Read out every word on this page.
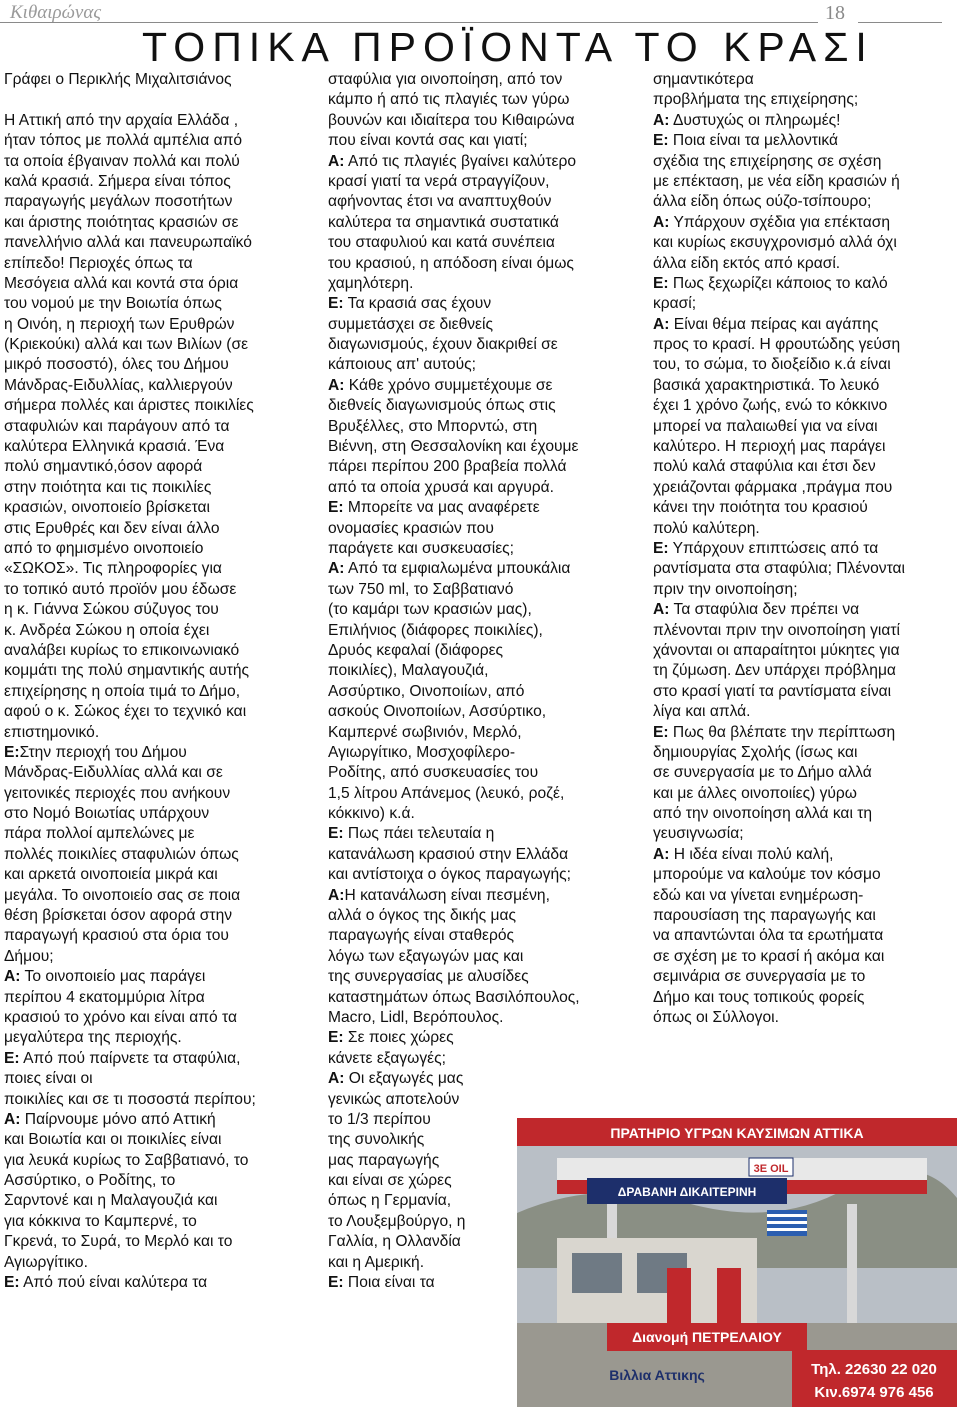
Κιθαιρώνας	18
ΤΟΠΙΚΑ ΠΡΟΪΟΝΤΑ ΤΟ ΚΡΑΣΙ
Γράφει ο Περικλής Μιχαλιτσιάνος
Η Αττική από την αρχαία Ελλάδα ,
ήταν τόπος με πολλά αμπέλια από
τα οποία έβγαιναν πολλά και πολύ
καλά κρασιά. Σήμερα είναι τόπος
παραγωγής μεγάλων ποσοτήτων
και άριστης ποιότητας κρασιών σε
πανελλήνιο αλλά και πανευρωπαϊκό
επίπεδο! Περιοχές όπως τα
Μεσόγεια αλλά και κοντά στα όρια
του νομού με την Βοιωτία όπως
η Οινόη, η περιοχή των Ερυθρών
(Κριεκούκι) αλλά και των Βιλίων (σε
μικρό ποσοστό), όλες του Δήμου
Μάνδρας-Ειδυλλίας, καλλιεργούν
σήμερα πολλές και άριστες ποικιλίες
σταφυλιών και παράγουν από τα
καλύτερα Ελληνικά κρασιά. Ένα
πολύ σημαντικό,όσον αφορά
στην ποιότητα και τις ποικιλίες
κρασιών, οινοποιείο βρίσκεται
στις Ερυθρές και δεν είναι άλλο
από το φημισμένο οινοποιείο
«ΣΩΚΟΣ». Τις πληροφορίες για
το τοπικό αυτό προϊόν μου έδωσε
η κ. Γιάννα Σώκου σύζυγος του
κ. Ανδρέα Σώκου η οποία έχει
αναλάβει κυρίως το επικοινωνιακό
κομμάτι της πολύ σημαντικής αυτής
επιχείρησης η οποία τιμά το Δήμο,
αφού ο κ. Σώκος έχει το τεχνικό και
επιστημονικό.
Ε:Στην περιοχή του Δήμου
Μάνδρας-Ειδυλλίας αλλά και σε
γειτονικές περιοχές που ανήκουν
στο Νομό Βοιωτίας υπάρχουν
πάρα πολλοί αμπελώνες με
πολλές ποικιλίες σταφυλιών όπως
και αρκετά οινοποιεία μικρά και
μεγάλα. Το οινοποιείο σας σε ποια
θέση βρίσκεται όσον αφορά στην
παραγωγή κρασιού στα όρια του
Δήμου;
Α: Το οινοποιείο μας παράγει
περίπου 4 εκατομμύρια λίτρα
κρασιού το χρόνο και είναι από τα
μεγαλύτερα της περιοχής.
Ε: Από πού παίρνετε τα σταφύλια,
ποιες είναι οι
ποικιλίες και σε τι ποσοστά περίπου;
Α: Παίρνουμε μόνο από Αττική
και Βοιωτία και οι ποικιλίες είναι
για λευκά κυρίως το Σαββατιανό, το
Ασσύρτικο, ο Ροδίτης, το
Σαρντονέ και η Μαλαγουζιά και
για κόκκινα το Καμπερνέ, το
Γκρενά, το Συρά, το Μερλό και το
Αγιωργίτικο.
Ε: Από πού είναι καλύτερα τα
σταφύλια για οινοποίηση, από τον
κάμπο ή από τις πλαγιές των γύρω
βουνών και ιδιαίτερα του Κιθαιρώνα
που είναι κοντά σας και γιατί;
Α: Από τις πλαγιές βγαίνει καλύτερο
κρασί γιατί τα νερά στραγγίζουν,
αφήνοντας έτσι να αναπτυχθούν
καλύτερα τα σημαντικά συστατικά
του σταφυλιού και κατά συνέπεια
του κρασιού, η απόδοση είναι όμως
χαμηλότερη.
Ε: Τα κρασιά σας έχουν
συμμετάσχει σε διεθνείς
διαγωνισμούς, έχουν διακριθεί σε
κάποιους απ' αυτούς;
Α: Κάθε χρόνο συμμετέχουμε σε
διεθνείς διαγωνισμούς όπως στις
Βρυξέλλες, στο Μπορντώ, στη
Βιέννη, στη Θεσσαλονίκη και έχουμε
πάρει περίπου 200 βραβεία πολλά
από τα οποία χρυσά και αργυρά.
Ε: Μπορείτε να μας αναφέρετε
ονομασίες κρασιών που
παράγετε και συσκευασίες;
Α: Από τα εμφιαλωμένα μπουκάλια
των 750 ml, το Σαββατιανό
(το καμάρι των κρασιών μας),
Επιλήνιος (διάφορες ποικιλίες),
Δρυός κεφαλαί (διάφορες
ποικιλίες), Μαλαγουζιά,
Ασσύρτικο, Οινοποιίων, από
ασκούς Οινοποιίων, Ασσύρτικο,
Καμπερνέ σωβινιόν, Μερλό,
Αγιωργίτικο, Μοσχοφίλερο-
Ροδίτης, από συσκευασίες του
1,5 λίτρου Απάνεμος (λευκό, ροζέ,
κόκκινο) κ.ά.
Ε: Πως πάει τελευταία η
κατανάλωση κρασιού στην Ελλάδα
και αντίστοιχα ο όγκος παραγωγής;
Α:Η κατανάλωση είναι πεσμένη,
αλλά ο όγκος της δικής μας
παραγωγής είναι σταθερός
λόγω των εξαγωγών μας και
της συνεργασίας με αλυσίδες
καταστημάτων όπως Βασιλόπουλος,
Macro, Lidl, Βερόπουλος.
Ε: Σε ποιες χώρες
κάνετε εξαγωγές;
Α: Οι εξαγωγές μας
γενικώς αποτελούν
το 1/3 περίπου
της συνολικής
μας παραγωγής
και είναι σε χώρες
όπως η Γερμανία,
το Λουξεμβούργο, η
Γαλλία, η Ολλανδία
και η Αμερική.
Ε: Ποια είναι τα
σημαντικότερα
προβλήματα της επιχείρησης;
Α: Δυστυχώς οι πληρωμές!
Ε: Ποια είναι τα μελλοντικά
σχέδια της επιχείρησης σε σχέση
με επέκταση, με νέα είδη κρασιών ή
άλλα είδη όπως ούζο-τσίπουρο;
Α: Υπάρχουν σχέδια για επέκταση
και κυρίως εκσυγχρονισμό αλλά όχι
άλλα είδη εκτός από κρασί.
Ε: Πως ξεχωρίζει κάποιος το καλό
κρασί;
Α: Είναι θέμα πείρας και αγάπης
προς το κρασί. Η φρουτώδης γεύση
του, το σώμα, το διοξείδιο κ.ά είναι
βασικά χαρακτηριστικά. Το λευκό
έχει 1 χρόνο ζωής, ενώ το κόκκινο
μπορεί να παλαιωθεί για να είναι
καλύτερο. Η περιοχή μας παράγει
πολύ καλά σταφύλια και έτσι δεν
χρειάζονται φάρμακα ,πράγμα που
κάνει την ποιότητα του κρασιού
πολύ καλύτερη.
Ε: Υπάρχουν επιπτώσεις από τα
ραντίσματα στα σταφύλια; Πλένονται
πριν την οινοποίηση;
Α: Τα σταφύλια δεν πρέπει να
πλένονται πριν την οινοποίηση γιατί
χάνονται οι απαραίτητοι μύκητες για
τη ζύμωση. Δεν υπάρχει πρόβλημα
στο κρασί γιατί τα ραντίσματα είναι
λίγα και απλά.
Ε: Πως θα βλέπατε την περίπτωση
δημιουργίας Σχολής (ίσως και
σε συνεργασία με το Δήμο αλλά
και με άλλες οινοποιίες) γύρω
από την οινοποίηση αλλά και τη
γευσιγνωσία;
Α: Η ιδέα είναι πολύ καλή,
μπορούμε να καλούμε τον κόσμο
εδώ και να γίνεται ενημέρωση-
παρουσίαση της παραγωγής και
να απαντώνται όλα τα ερωτήματα
σε σχέση με το κρασί ή ακόμα και
σεμινάρια σε συνεργασία με το
Δήμο και τους τοπικούς φορείς
όπως οι Σύλλογοι.
ΠΡΑΤΗΡΙΟ ΥΓΡΩΝ ΚΑΥΣΙΜΩΝ ΑΤΤΙΚΑ
ΔΡΑΒΑΝΗ ΔΙΚΑΙΤΕΡΙΝΗ
3Ε OIL
Διανομή ΠΕΤΡΕΛΑΙΟΥ
Βιλλια Αττικης	Τηλ. 22630 22 020
Κιν.6974 976 456
